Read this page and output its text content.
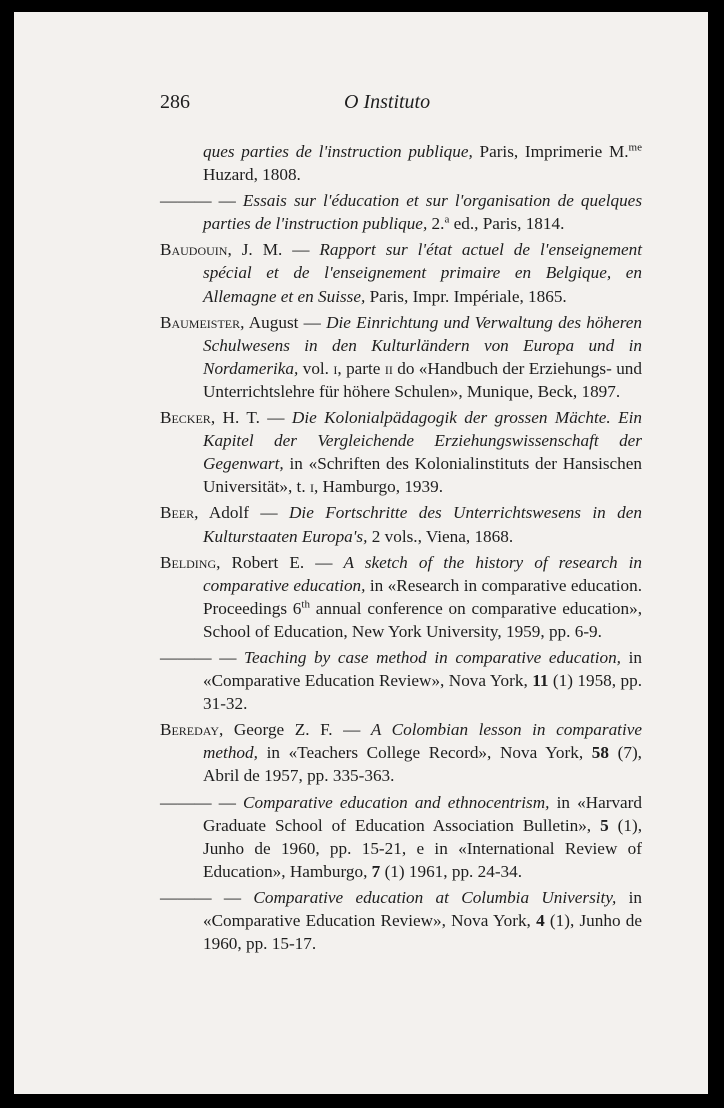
286	O Instituto

ques parties de l'instruction publique, Paris, Imprimerie M.$^{me}$ Huzard, 1808.

——— — Essais sur l'éducation et sur l'organisation de quelques parties de l'instruction publique, 2.$^a$ ed., Paris, 1814.

Baudouin, J. M. — Rapport sur l'état actuel de l'enseignement spécial et de l'enseignement primaire en Belgique, en Allemagne et en Suisse, Paris, Impr. Impériale, 1865.

Baumeister, August — Die Einrichtung und Verwaltung des höheren Schulwesens in den Kulturländern von Europa und in Nordamerika, vol. i, parte ii do «Handbuch der Erziehungs- und Unterrichtslehre für höhere Schulen», Munique, Beck, 1897.

Becker, H. T. — Die Kolonialpädagogik der grossen Mächte. Ein Kapitel der Vergleichende Erziehungswissenschaft der Gegenwart, in «Schriften des Kolonialinstituts der Hansischen Universität», t. i, Hamburgo, 1939.

Beer, Adolf — Die Fortschritte des Unterrichtswesens in den Kulturstaaten Europa's, 2 vols., Viena, 1868.

Belding, Robert E. — A sketch of the history of research in comparative education, in «Research in comparative education. Proceedings 6th annual conference on comparative education», School of Education, New York University, 1959, pp. 6-9.

——— — Teaching by case method in comparative education, in «Comparative Education Review», Nova York, 11 (1) 1958, pp. 31-32.

Bereday, George Z. F. — A Colombian lesson in comparative method, in «Teachers College Record», Nova York, 58 (7), Abril de 1957, pp. 335-363.

——— — Comparative education and ethnocentrism, in «Harvard Graduate School of Education Association Bulletin», 5 (1), Junho de 1960, pp. 15-21, e in «International Review of Education», Hamburgo, 7 (1) 1961, pp. 24-34.

——— — Comparative education at Columbia University, in «Comparative Education Review», Nova York, 4 (1), Junho de 1960, pp. 15-17.
